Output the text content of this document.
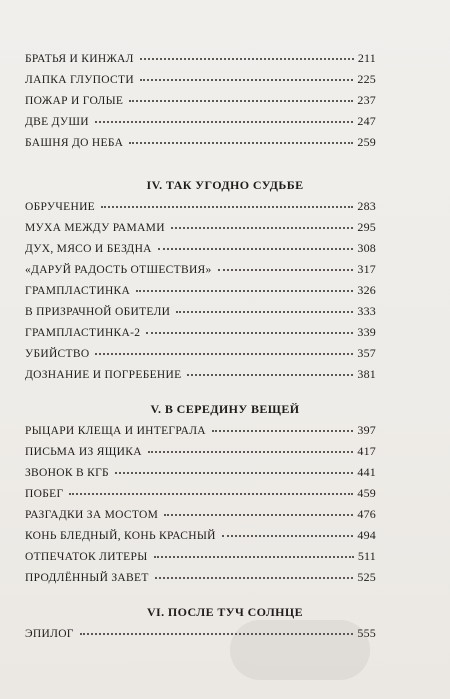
БРАТЬЯ И КИНЖАЛ	211
ЛАПКА ГЛУПОСТИ	225
ПОЖАР И ГОЛЫЕ	237
ДВЕ ДУШИ	247
БАШНЯ ДО НЕБА	259
IV. ТАК УГОДНО СУДЬБЕ
ОБРУЧЕНИЕ	283
МУХА МЕЖДУ РАМАМИ	295
ДУХ, МЯСО И БЕЗДНА	308
«ДАРУЙ РАДОСТЬ ОТШЕСТВИЯ»	317
ГРАМПЛАСТИНКА	326
В ПРИЗРАЧНОЙ ОБИТЕЛИ	333
ГРАМПЛАСТИНКА-2	339
УБИЙСТВО	357
ДОЗНАНИЕ И ПОГРЕБЕНИЕ	381
V. В СЕРЕДИНУ ВЕЩЕЙ
РЫЦАРИ КЛЕЩА И ИНТЕГРАЛА	397
ПИСЬМА ИЗ ЯЩИКА	417
ЗВОНОК В КГБ	441
ПОБЕГ	459
РАЗГАДКИ ЗА МОСТОМ	476
КОНЬ БЛЕДНЫЙ, КОНЬ КРАСНЫЙ	494
ОТПЕЧАТОК ЛИТЕРЫ	511
ПРОДЛЁННЫЙ ЗАВЕТ	525
VI. ПОСЛЕ ТУЧ СОЛНЦЕ
ЭПИЛОГ	555
